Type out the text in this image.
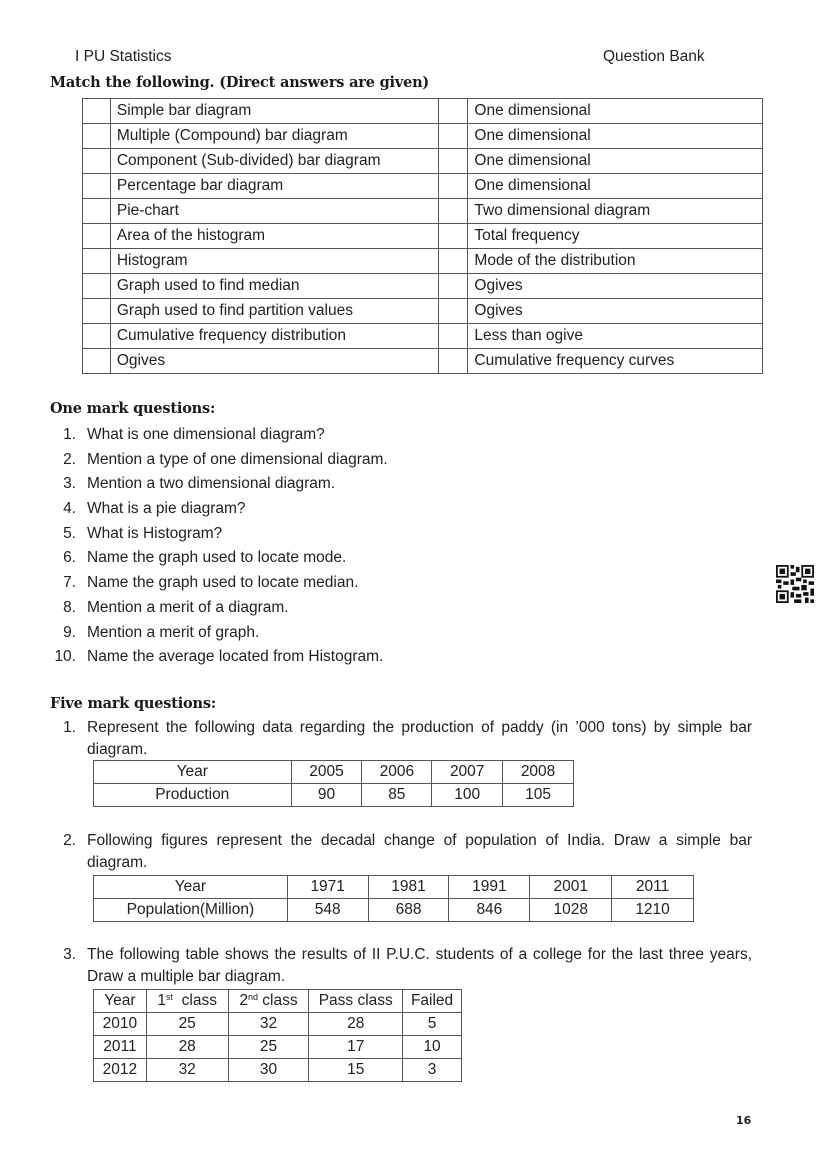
I PU Statistics	Question Bank
Match the following. (Direct answers are given)
	Simple bar diagram		One dimensional
	Multiple (Compound) bar diagram		One dimensional
	Component (Sub-divided) bar diagram		One dimensional
	Percentage bar diagram		One dimensional
	Pie-chart		Two dimensional diagram
	Area of the histogram		Total frequency
	Histogram		Mode of the distribution
	Graph used to find median		Ogives
	Graph used to find partition values		Ogives
	Cumulative frequency distribution		Less than ogive
	Ogives		Cumulative frequency curves
One mark questions:
1. What is one dimensional diagram?
2. Mention a type of one dimensional diagram.
3. Mention a two dimensional diagram.
4. What is a pie diagram?
5. What is Histogram?
6. Name the graph used to locate mode.
7. Name the graph used to locate median.
8. Mention a merit of a diagram.
9. Mention a merit of graph.
10. Name the average located from Histogram.
Five mark questions:
1. Represent the following data regarding the production of paddy (in ’000 tons) by simple bar diagram.
Year	2005	2006	2007	2008
Production	90	85	100	105
2. Following figures represent the decadal change of population of India. Draw a simple bar diagram.
Year	1971	1981	1991	2001	2011
Population(Million)	548	688	846	1028	1210
3. The following table shows the results of II P.U.C. students of a college for the last three years, Draw a multiple bar diagram.
Year	1st  class	2nd class	Pass class	Failed
2010	25	32	28	5
2011	28	25	17	10
2012	32	30	15	3
16
